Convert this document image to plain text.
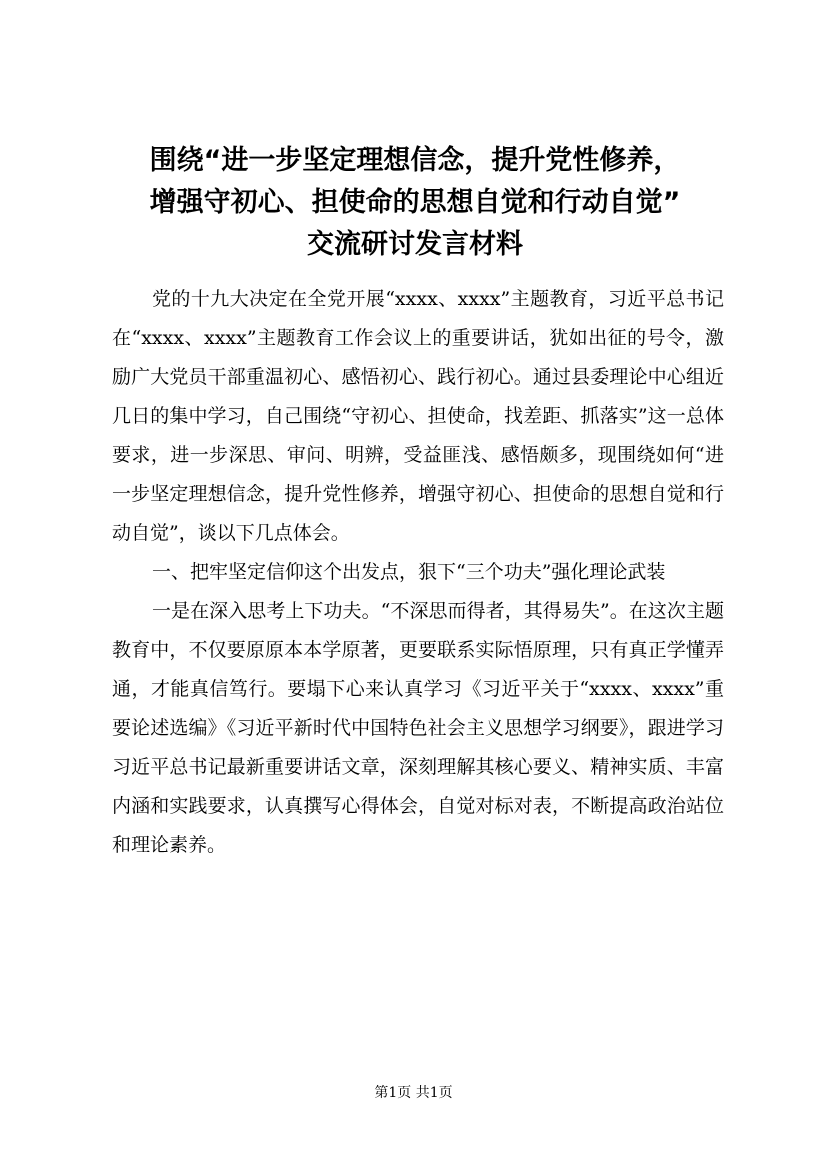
围绕“进一步坚定理想信念，提升党性修养，
增强守初心、担使命的思想自觉和行动自觉”
交流研讨发言材料

党的十九大决定在全党开展“xxxx、xxxx”主题教育，习近平总书记在“xxxx、xxxx”主题教育工作会议上的重要讲话，犹如出征的号令，激励广大党员干部重温初心、感悟初心、践行初心。通过县委理论中心组近几日的集中学习，自己围绕“守初心、担使命，找差距、抓落实”这一总体要求，进一步深思、审问、明辨，受益匪浅、感悟颇多，现围绕如何“进一步坚定理想信念，提升党性修养，增强守初心、担使命的思想自觉和行动自觉”，谈以下几点体会。

一、把牢坚定信仰这个出发点，狠下“三个功夫”强化理论武装

一是在深入思考上下功夫。“不深思而得者，其得易失”。在这次主题教育中，不仅要原原本本学原著，更要联系实际悟原理，只有真正学懂弄通，才能真信笃行。要塌下心来认真学习《习近平关于“xxxx、xxxx”重要论述选编》《习近平新时代中国特色社会主义思想学习纲要》，跟进学习习近平总书记最新重要讲话文章，深刻理解其核心要义、精神实质、丰富内涵和实践要求，认真撰写心得体会，自觉对标对表，不断提高政治站位和理论素养。

第1页 共1页
